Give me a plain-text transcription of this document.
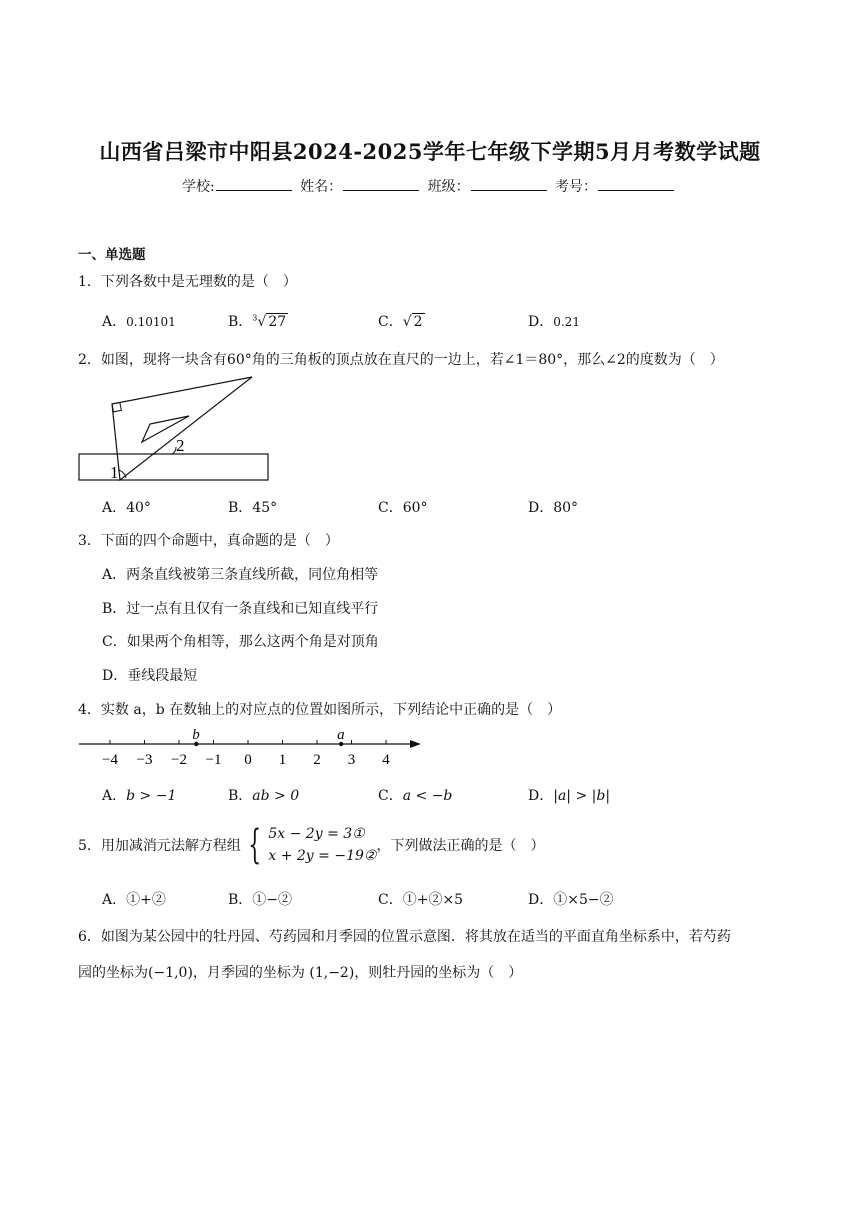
山西省吕梁市中阳县2024-2025学年七年级下学期5月月考数学试题
学校:	姓名：	班级：	考号：
一、单选题
1．下列各数中是无理数的是（　）
A．0.10101	B．$^3$√ 27	C．√ 2	D．0.21
2．如图，现将一块含有60°角的三角板的顶点放在直尺的一边上，若∠1＝80°，那么∠2的度数为（　）
1
2
A．40°	B．45°	C．60°	D．80°
3．下面的四个命题中，真命题的是（　）
A．两条直线被第三条直线所截，同位角相等
B．过一点有且仅有一条直线和已知直线平行
C．如果两个角相等，那么这两个角是对顶角
D．垂线段最短
4．实数 a，b 在数轴上的对应点的位置如图所示，下列结论中正确的是（　）
−4 −3 −2 −1 0 1 2 3 4
b	a
A．b > −1	B．ab > 0	C．a < −b	D．|a| > |b|
5．用加减消元法解方程组 { 5x − 2y = 3①
x + 2y = −19②
，下列做法正确的是（　）
A．①+②	B．①−②	C．①+②×5	D．①×5−②
6．如图为某公园中的牡丹园、芍药园和月季园的位置示意图．将其放在适当的平面直角坐标系中，若芍药
园的坐标为(−1,0)，月季园的坐标为 (1,−2)，则牡丹园的坐标为（　）
